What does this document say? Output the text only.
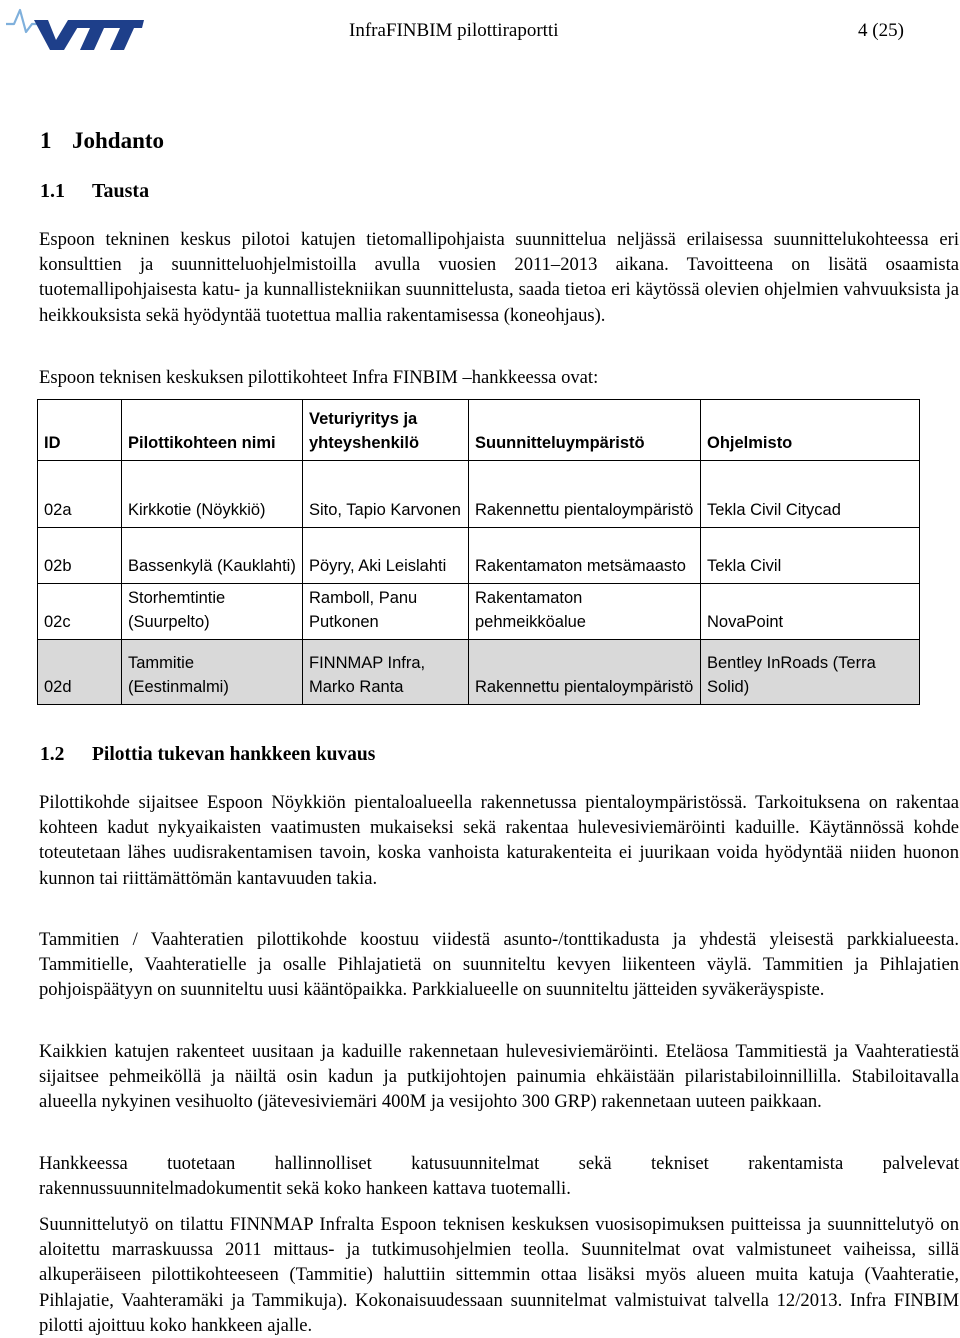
InfraFINBIM pilottiraportti	4 (25)
1 Johdanto
1.1 Tausta

Espoon tekninen keskus pilotoi katujen tietomallipohjaista suunnittelua neljässä erilaisessa suunnittelukohteessa eri konsulttien ja suunnitteluohjelmistoilla avulla vuosien 2011–2013 aikana. Tavoitteena on lisätä osaamista tuotemallipohjaisesta katu- ja kunnallistekniikan suunnittelusta, saada tietoa eri käytössä olevien ohjelmien vahvuuksista ja heikkouksista sekä hyödyntää tuotettua mallia rakentamisessa (koneohjaus).

Espoon teknisen keskuksen pilottikohteet Infra FINBIM –hankkeessa ovat:

ID	Pilottikohteen nimi	Veturiyritys ja yhteyshenkilö	Suunnitteluympäristö	Ohjelmisto
02a	Kirkkotie (Nöykkiö)	Sito, Tapio Karvonen	Rakennettu pientaloympäristö	Tekla Civil Citycad
02b	Bassenkylä (Kauklahti)	Pöyry, Aki Leislahti	Rakentamaton metsämaasto	Tekla Civil
02c	Storhemtintie (Suurpelto)	Ramboll, Panu Putkonen	Rakentamaton pehmeikköalue	NovaPoint
02d	Tammitie (Eestinmalmi)	FINNMAP Infra, Marko Ranta	Rakennettu pientaloympäristö	Bentley InRoads (Terra Solid)
1.2 Pilottia tukevan hankkeen kuvaus

Pilottikohde sijaitsee Espoon Nöykkiön pientaloalueella rakennetussa pientaloympäristössä. Tarkoituksena on rakentaa kohteen kadut nykyaikaisten vaatimusten mukaiseksi sekä rakentaa hulevesiviemäröinti kaduille. Käytännössä kohde toteutetaan lähes uudisrakentamisen tavoin, koska vanhoista katurakenteita ei juurikaan voida hyödyntää niiden huonon kunnon tai riittämättömän kantavuuden takia.

Tammitien / Vaahteratien pilottikohde koostuu viidestä asunto-/tonttikadusta ja yhdestä yleisestä parkkialueesta. Tammitielle, Vaahteratielle ja osalle Pihlajatietä on suunniteltu kevyen liikenteen väylä. Tammitien ja Pihlajatien pohjoispäätyyn on suunniteltu uusi kääntöpaikka. Parkkialueelle on suunniteltu jätteiden syväkeräyspiste.

Kaikkien katujen rakenteet uusitaan ja kaduille rakennetaan hulevesiviemäröinti. Eteläosa Tammitiestä ja Vaahteratiestä sijaitsee pehmeiköllä ja näiltä osin kadun ja putkijohtojen painumia ehkäistään pilaristabiloinnillilla. Stabiloitavalla alueella nykyinen vesihuolto (jätevesiviemäri 400M ja vesijohto 300 GRP) rakennetaan uuteen paikkaan.

Hankkeessa tuotetaan hallinnolliset katusuunnitelmat sekä tekniset rakentamista palvelevat rakennussuunnitelmadokumentit sekä koko hankeen kattava tuotemalli.

Suunnittelutyö on tilattu FINNMAP Infralta Espoon teknisen keskuksen vuosisopimuksen puitteissa ja suunnittelutyö on aloitettu marraskuussa 2011 mittaus- ja tutkimusohjelmien teolla. Suunnitelmat ovat valmistuneet vaiheissa, sillä alkuperäiseen pilottikohteeseen (Tammitie) haluttiin sittemmin ottaa lisäksi myös alueen muita katuja (Vaahteratie, Pihlajatie, Vaahteramäki ja Tammikuja). Kokonaisuudessaan suunnitelmat valmistuivat talvella 12/2013. Infra FINBIM pilotti ajoittuu koko hankkeen ajalle.
